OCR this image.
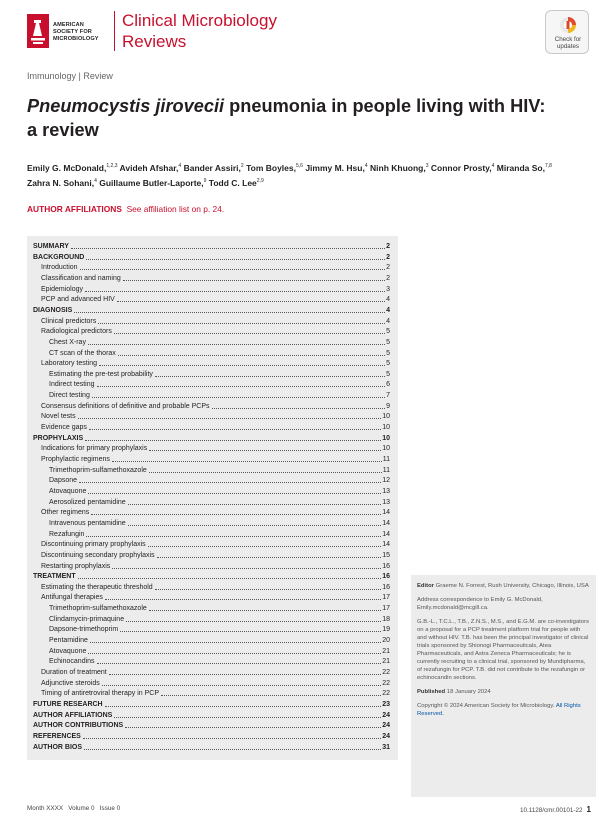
AMERICAN
SOCIETY FOR
MICROBIOLOGY
Clinical Microbiology
Reviews	Check for
updates
Immunology | Review
Pneumocystis jirovecii pneumonia in people living with HIV:
a review
Emily G. McDonald,$^{1,2,3}$ Avideh Afshar,$^4$ Bander Assiri,$^2$ Tom Boyles,$^{5,6}$ Jimmy M. Hsu,$^4$ Ninh Khuong,$^3$ Connor Prosty,$^4$ Miranda So,$^{7,8}$
Zahra N. Sohani,$^4$ Guillaume Butler-Laporte,$^9$ Todd C. Lee$^{2,9}$
AUTHOR AFFILIATIONS See affiliation list on p. 24.
SUMMARY	2
BACKGROUND	2
Introduction	2
Classification and naming	2
Epidemiology	3
PCP and advanced HIV	4
DIAGNOSIS	4
Clinical predictors	4
Radiological predictors	5
Chest X-ray	5
CT scan of the thorax	5
Laboratory testing	5
Estimating the pre-test probability	5
Indirect testing	6
Direct testing	7
Consensus definitions of definitive and probable PCPs	9
Novel tests	10
Evidence gaps	10
PROPHYLAXIS	10
Indications for primary prophylaxis	10
Prophylactic regimens	11
Trimethoprim-sulfamethoxazole	11
Dapsone	12
Atovaquone	13
Aerosolized pentamidine	13
Other regimens	14
Intravenous pentamidine	14
Rezafungin	14
Discontinuing primary prophylaxis	14
Discontinuing secondary prophylaxis	15
Restarting prophylaxis	16
TREATMENT	16
Estimating the therapeutic threshold	16
Antifungal therapies	17
Trimethoprim-sulfamethoxazole	17
Clindamycin-primaquine	18
Dapsone-trimethoprim	19
Pentamidine	20
Atovaquone	21
Echinocandins	21
Duration of treatment	22
Adjunctive steroids	22
Timing of antiretroviral therapy in PCP	22
FUTURE RESEARCH	23
AUTHOR AFFILIATIONS	24
AUTHOR CONTRIBUTIONS	24
REFERENCES	24
AUTHOR BIOS	31

Editor Graeme N. Forrest, Rush University, Chicago, Illinois, USA

Address correspondence to Emily G. McDonald, Emily.mcdonald@mcgill.ca.

G.B.-L., T.C.L., T.B., Z.N.S., M.S., and E.G.M. are co-investigators on a proposal for a PCP treatment platform trial for people with and without HIV. T.B. has been the principal investigator of clinical trials sponsored by Shionogi Pharmaceuticals, Atea Pharmaceuticals, and Astra Zeneca Pharmaceuticals; he is currently recruiting to a clinical trial, sponsored by Mundipharma, of rezafungin for PCP. T.B. did not contribute to the rezafungin or echinocandin sections.

Published 18 January 2024

Copyright © 2024 American Society for Microbiology. All Rights Reserved.

Month XXXX   Volume 0   Issue 0	10.1128/cmr.00101-22 1
